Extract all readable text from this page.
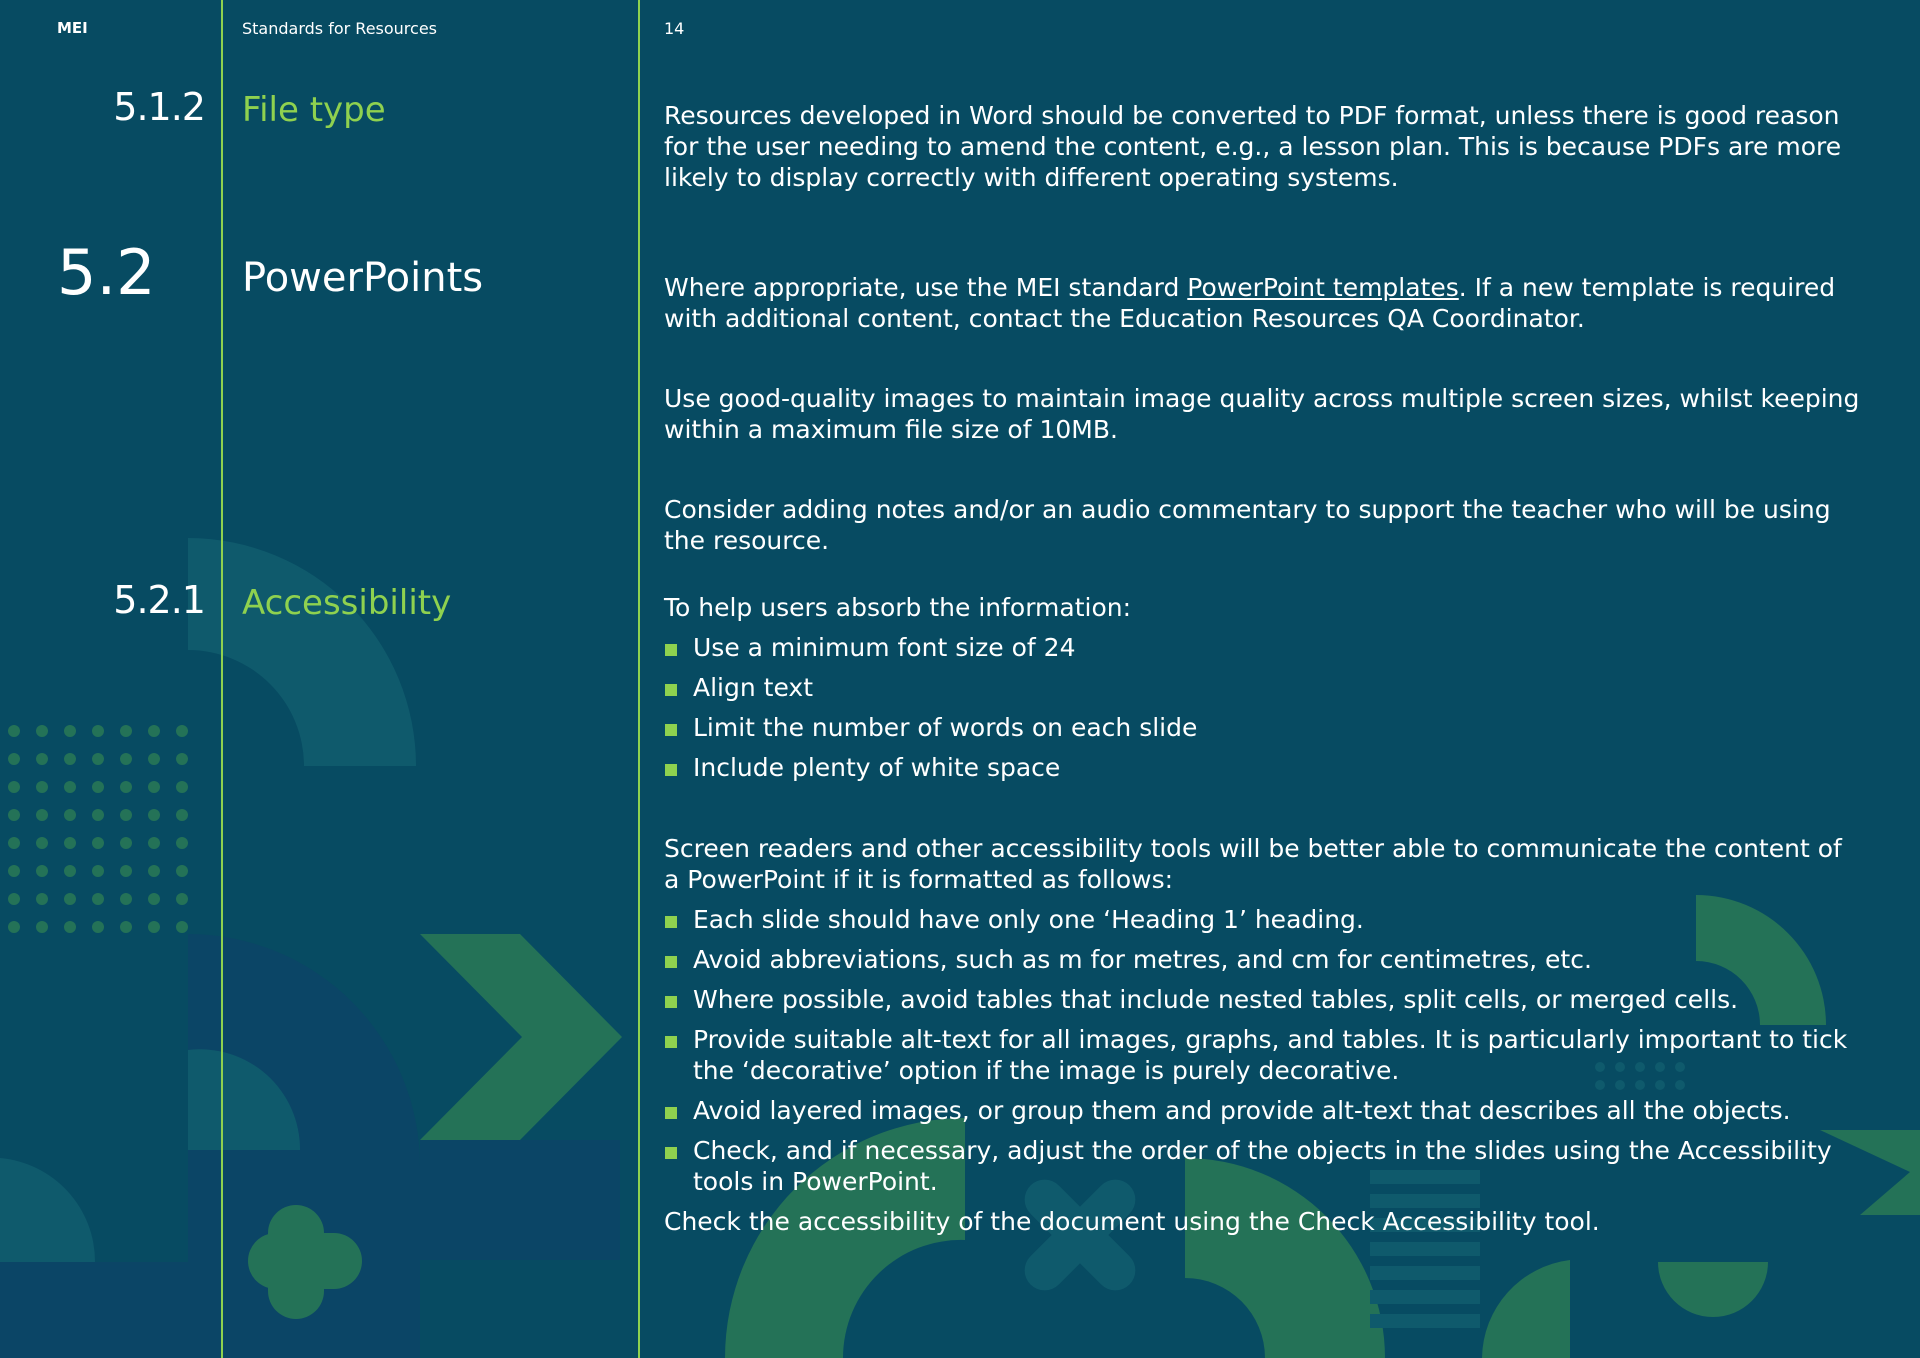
MEI	Standards for Resources	14
5.1.2 File type
5.2 PowerPoints
5.2.1 Accessibility

Resources developed in Word should be converted to PDF format, unless there is good reason for the user needing to amend the content, e.g., a lesson plan. This is because PDFs are more likely to display correctly with different operating systems.

Where appropriate, use the MEI standard PowerPoint templates. If a new template is required with additional content, contact the Education Resources QA Coordinator.

Use good-quality images to maintain image quality across multiple screen sizes, whilst keeping within a maximum file size of 10MB.

Consider adding notes and/or an audio commentary to support the teacher who will be using the resource.

To help users absorb the information:

Use a minimum font size of 24
Align text
Limit the number of words on each slide
Include plenty of white space

Screen readers and other accessibility tools will be better able to communicate the content of a PowerPoint if it is formatted as follows:

Each slide should have only one ‘Heading 1’ heading.
Avoid abbreviations, such as m for metres, and cm for centimetres, etc.
Where possible, avoid tables that include nested tables, split cells, or merged cells.
Provide suitable alt-text for all images, graphs, and tables. It is particularly important to tick the ‘decorative’ option if the image is purely decorative.
Avoid layered images, or group them and provide alt-text that describes all the objects.
Check, and if necessary, adjust the order of the objects in the slides using the Accessibility tools in PowerPoint.

Check the accessibility of the document using the Check Accessibility tool.
